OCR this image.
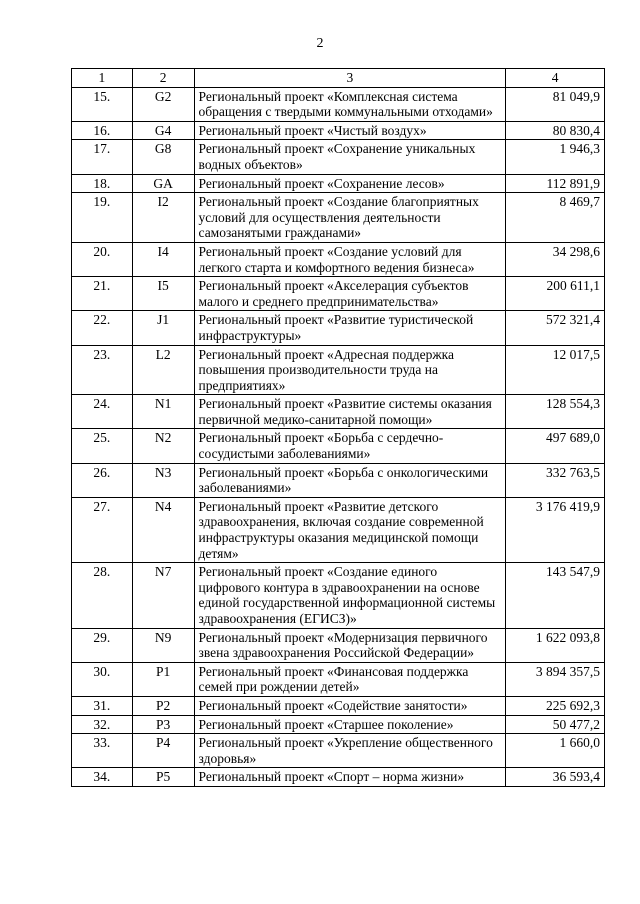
2
1	2	3	4
15.	G2	Региональный проект «Комплексная система обращения с твердыми коммунальными отходами»	81 049,9
16.	G4	Региональный проект «Чистый воздух»	80 830,4
17.	G8	Региональный проект «Сохранение уникальных водных объектов»	1 946,3
18.	GA	Региональный проект «Сохранение лесов»	112 891,9
19.	I2	Региональный проект «Создание благоприятных условий для осуществления деятельности самозанятыми гражданами»	8 469,7
20.	I4	Региональный проект «Создание условий для легкого старта и комфортного ведения бизнеса»	34 298,6
21.	I5	Региональный проект «Акселерация субъектов малого и среднего предпринимательства»	200 611,1
22.	J1	Региональный проект «Развитие туристической инфраструктуры»	572 321,4
23.	L2	Региональный проект «Адресная поддержка повышения производительности труда на предприятиях»	12 017,5
24.	N1	Региональный проект «Развитие системы оказания первичной медико-санитарной помощи»	128 554,3
25.	N2	Региональный проект «Борьба с сердечно-сосудистыми заболеваниями»	497 689,0
26.	N3	Региональный проект «Борьба с онкологическими заболеваниями»	332 763,5
27.	N4	Региональный проект «Развитие детского здравоохранения, включая создание современной инфраструктуры оказания медицинской помощи детям»	3 176 419,9
28.	N7	Региональный проект «Создание единого цифрового контура в здравоохранении на основе единой государственной информационной системы здравоохранения (ЕГИСЗ)»	143 547,9
29.	N9	Региональный проект «Модернизация первичного звена здравоохранения Российской Федерации»	1 622 093,8
30.	P1	Региональный проект «Финансовая поддержка семей при рождении детей»	3 894 357,5
31.	P2	Региональный проект «Содействие занятости»	225 692,3
32.	P3	Региональный проект «Старшее поколение»	50 477,2
33.	P4	Региональный проект «Укрепление общественного здоровья»	1 660,0
34.	P5	Региональный проект «Спорт – норма жизни»	36 593,4
